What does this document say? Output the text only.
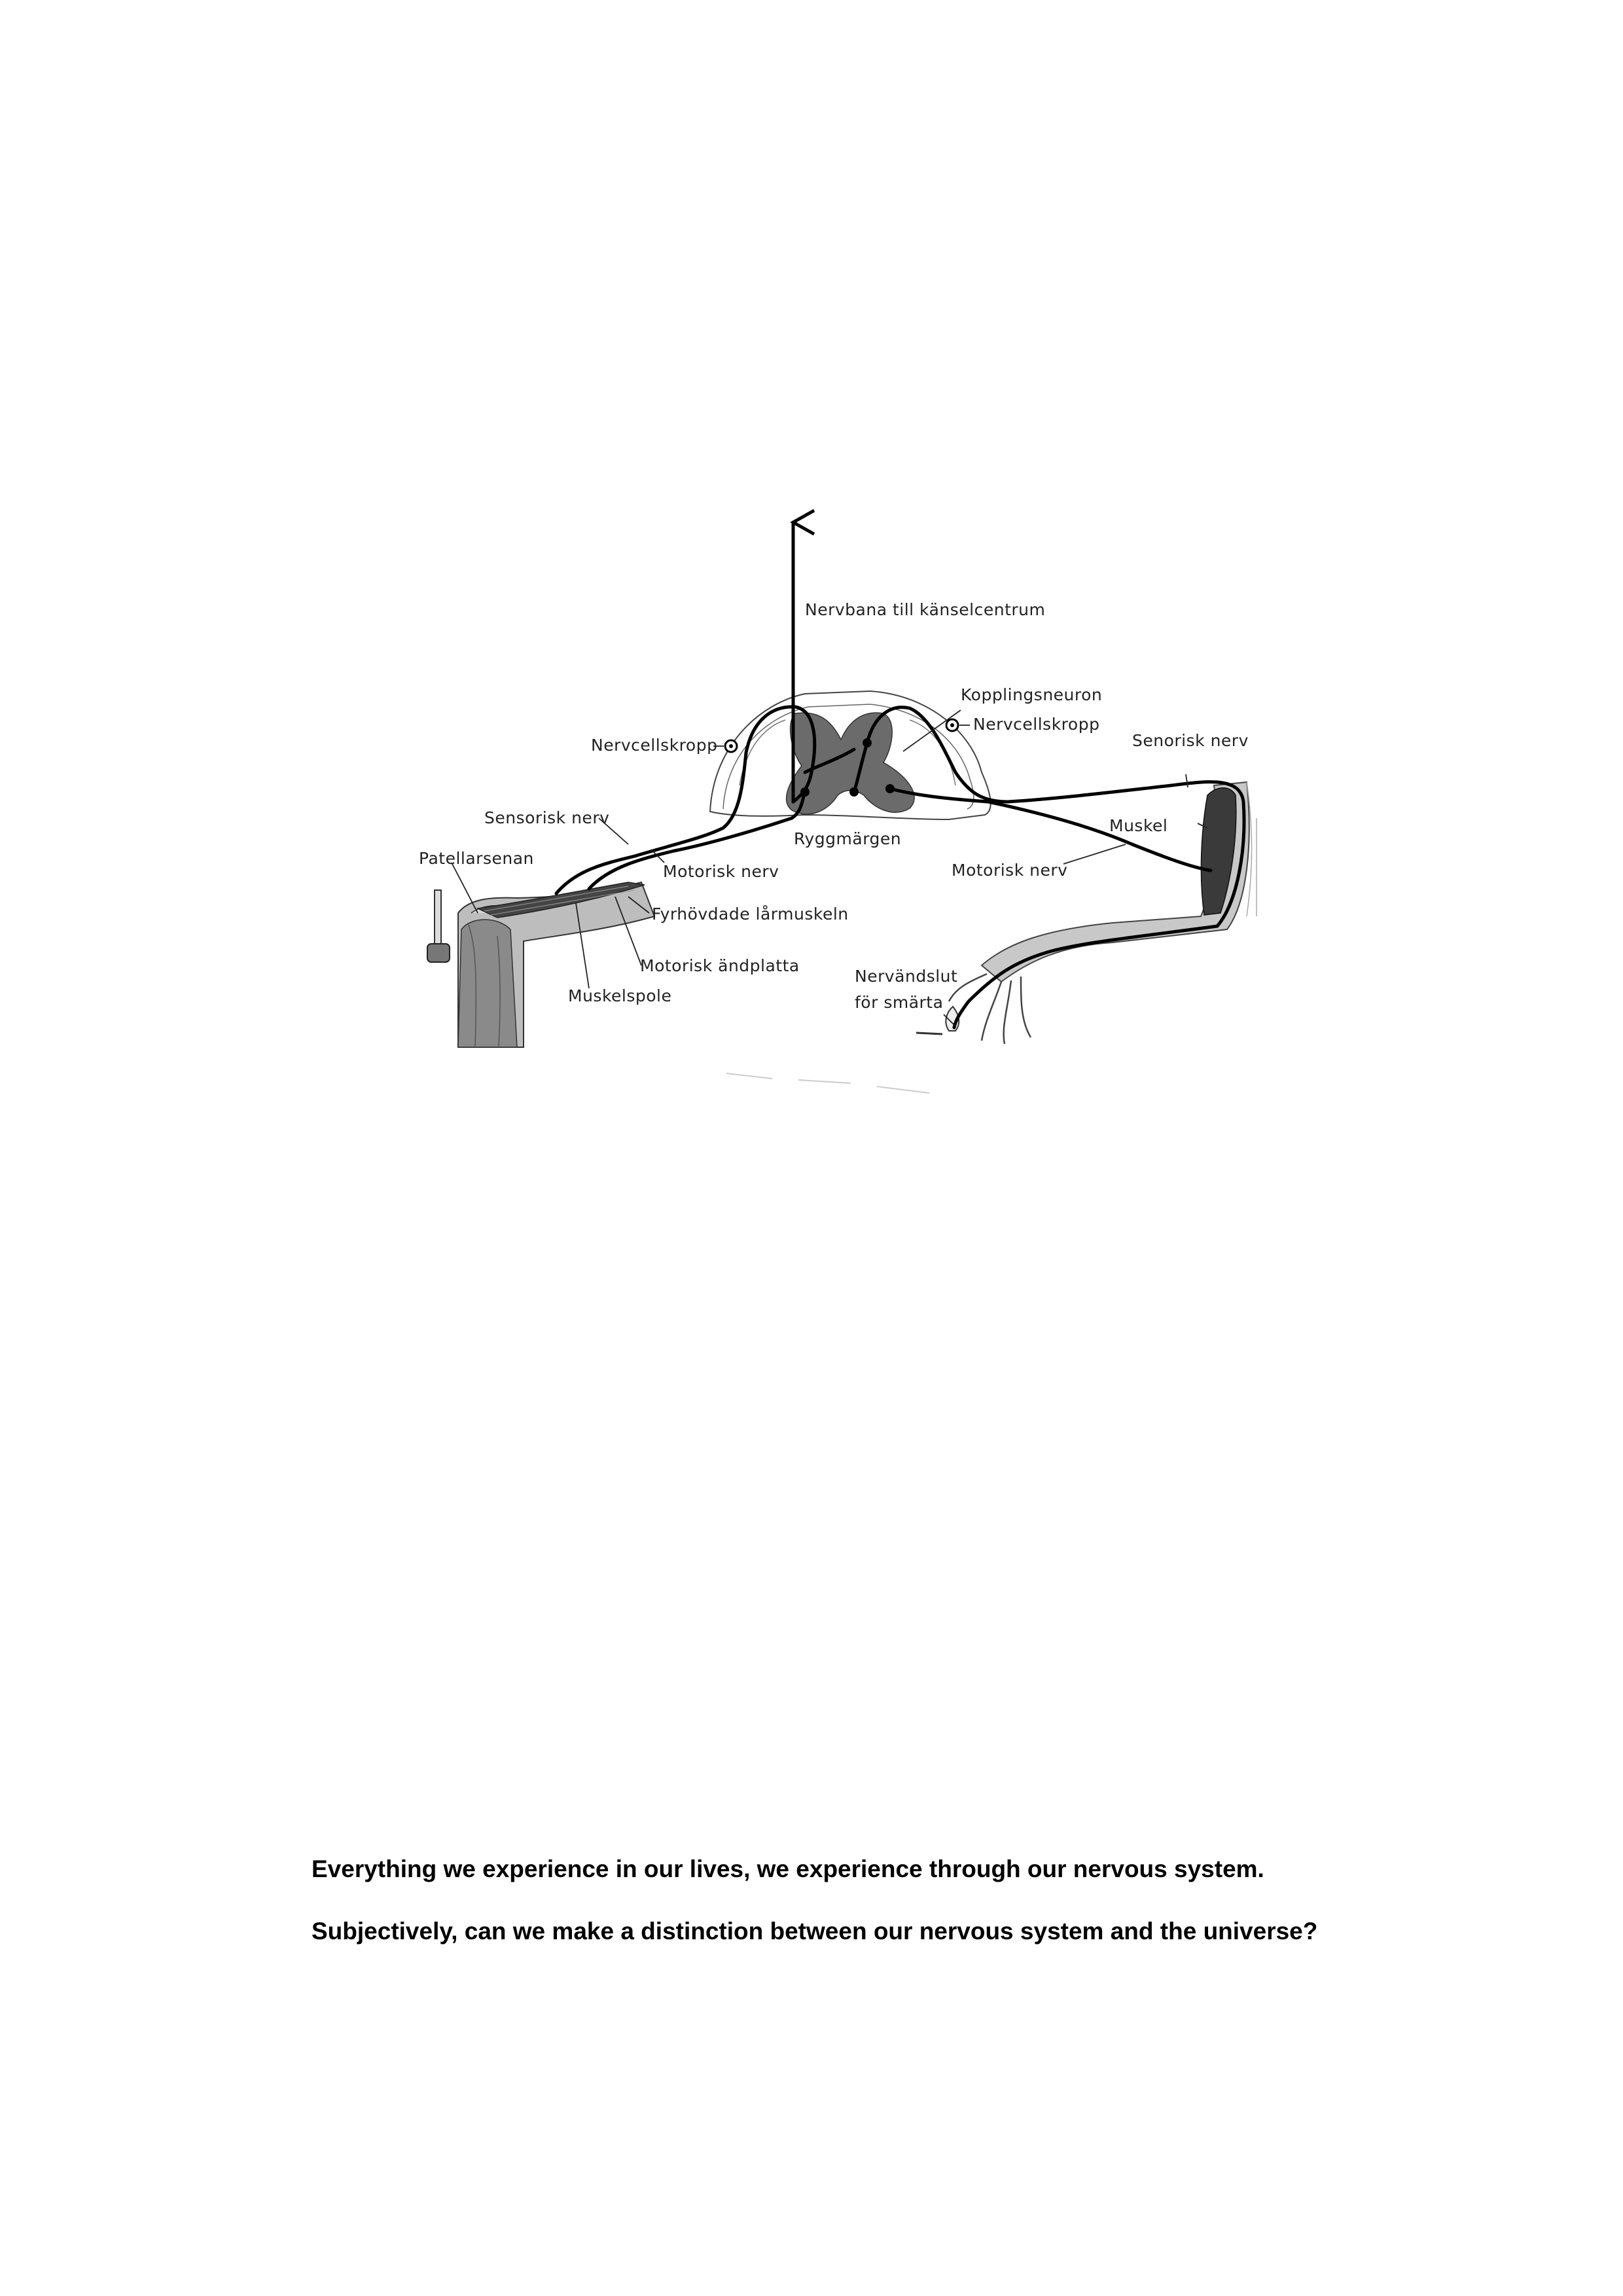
Nervbana till känselcentrum
Kopplingsneuron
Nervcellskropp
Nervcellskropp	Senorisk nerv
Sensorisk nerv
Patellarsenan
Ryggmärgen
Muskel
Motorisk nerv	Motorisk nerv
Fyrhövdade lårmuskeln
Motorisk ändplatta
Muskelspole
Nervändslut
för smärta
Everything we experience in our lives, we experience through our nervous system.
Subjectively, can we make a distinction between our nervous system and the universe?
